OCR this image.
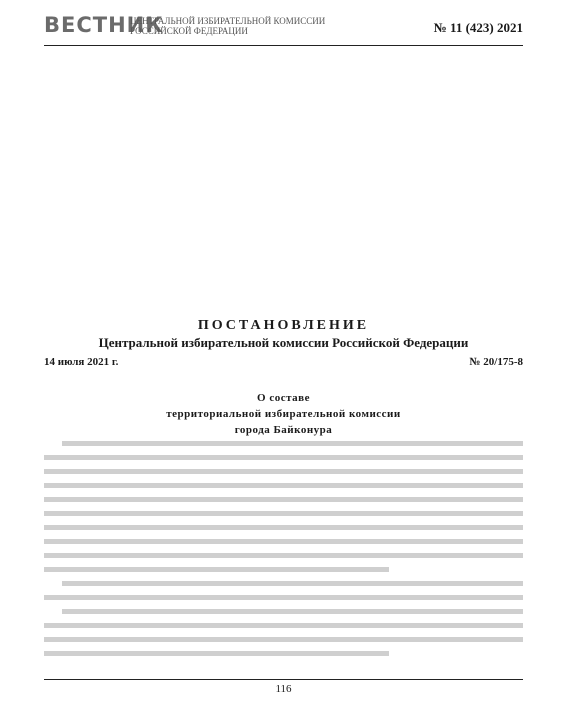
ВЕСТНИК
ЦЕНТРАЛЬНОЙ ИЗБИРАТЕЛЬНОЙ КОМИССИИ
РОССИЙСКОЙ ФЕДЕРАЦИИ	№ 11 (423) 2021
ПОСТАНОВЛЕНИЕ
Центральной избирательной комиссии Российской Федерации
14 июля 2021 г.	№ 20/175-8
О составе
территориальной избирательной комиссии
города Байконура
116
